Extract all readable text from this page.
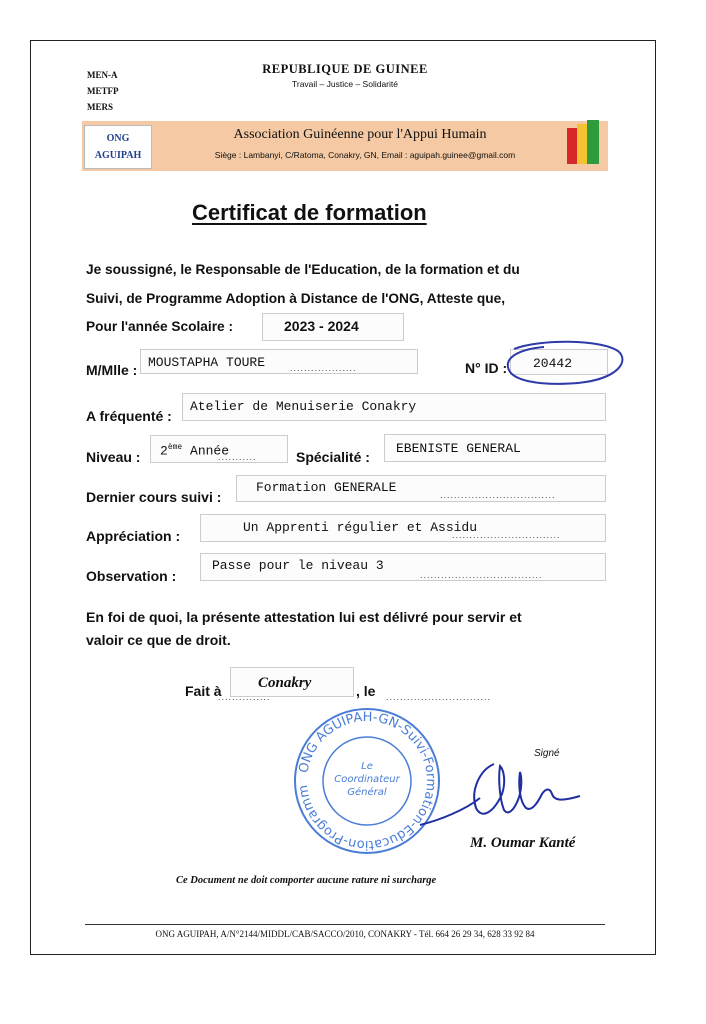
MEN-A
METFP
MERS
REPUBLIQUE DE GUINEE
Travail – Justice – Solidarité
ONG
AGUIPAH
Association Guinéenne pour l'Appui Humain
Siège : Lambanyi, C/Ratoma, Conakry, GN, Email : aguipah.guinee@gmail.com
Certificat de formation
Je soussigné, le Responsable de l'Education, de la formation et du
Suivi, de Programme Adoption à Distance de l'ONG, Atteste que,
Pour l'année Scolaire :	2023 - 2024
M/Mlle : MOUSTAPHA TOURE	...................	N° ID : 20442
A fréquenté :
Atelier de Menuiserie Conakry
Niveau : 2ème Année
...........	Spécialité :
EBENISTE GENERAL
Dernier cours suivi :
Formation GENERALE	.................................
Appréciation :
Un Apprenti régulier et Assidu
...............................
Observation :
Passe pour le niveau 3
...................................
En foi de quoi, la présente attestation lui est délivré pour servir et
valoir ce que de droit.
Fait à Conakry
...............	, le ..............................
ONG AGUIPAH-GN-Suivi-Formation-Education-Programm
Le
Coordinateur
Général
Signé
M. Oumar Kanté
Ce Document ne doit comporter aucune rature ni surcharge
ONG AGUIPAH, A/N°2144/MIDDL/CAB/SACCO/2010, CONAKRY - Tél. 664 26 29 34, 628 33 92 84
